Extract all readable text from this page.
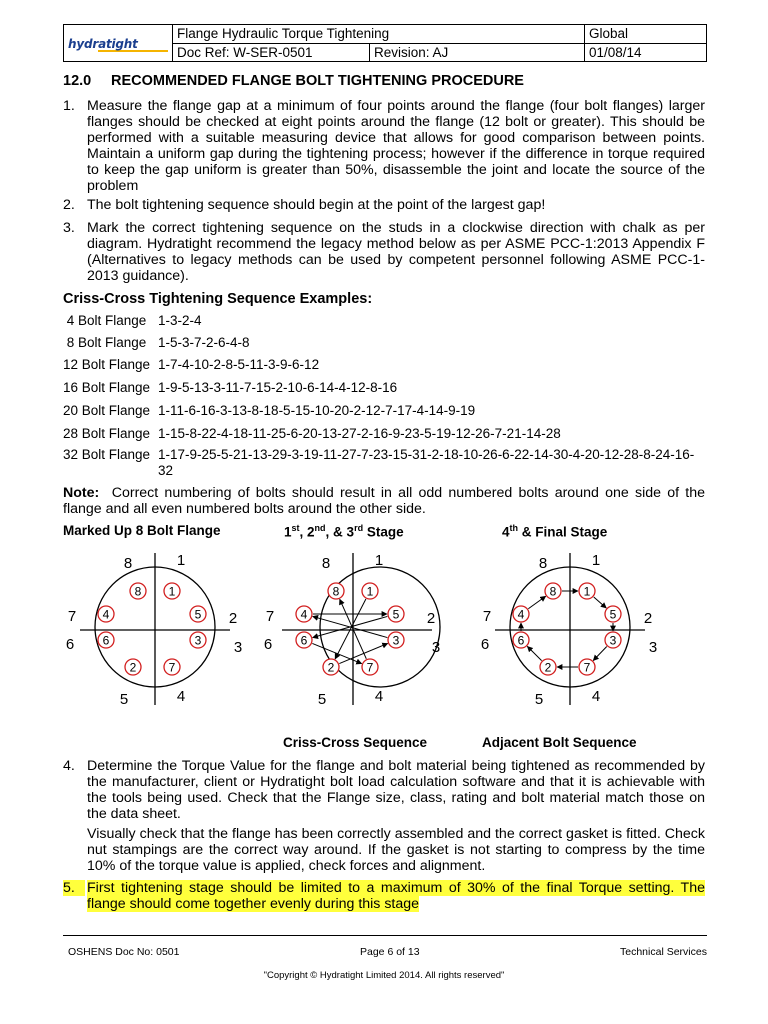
hydratight	Flange Hydraulic Torque Tightening		Global
	Doc Ref: W-SER-0501	Revision: AJ	01/08/14
12.0 RECOMMENDED FLANGE BOLT TIGHTENING PROCEDURE
1. Measure the flange gap at a minimum of four points around the flange (four bolt flanges) larger flanges should be checked at eight points around the flange (12 bolt or greater). This should be performed with a suitable measuring device that allows for good comparison between points. Maintain a uniform gap during the tightening process; however if the difference in torque required to keep the gap uniform is greater than 50%, disassemble the joint and locate the source of the problem
2. The bolt tightening sequence should begin at the point of the largest gap!
3. Mark the correct tightening sequence on the studs in a clockwise direction with chalk as per diagram. Hydratight recommend the legacy method below as per ASME PCC-1:2013 Appendix F (Alternatives to legacy methods can be used by competent personnel following ASME PCC-1-2013 guidance).
Criss-Cross Tightening Sequence Examples:
4 Bolt Flange 1-3-2-4
8 Bolt Flange 1-5-3-7-2-6-4-8
12 Bolt Flange 1-7-4-10-2-8-5-11-3-9-6-12
16 Bolt Flange 1-9-5-13-3-11-7-15-2-10-6-14-4-12-8-16
20 Bolt Flange 1-11-6-16-3-13-8-18-5-15-10-20-2-12-7-17-4-14-9-19
28 Bolt Flange 1-15-8-22-4-18-11-25-6-20-13-27-2-16-9-23-5-19-12-26-7-21-14-28
32 Bolt Flange 1-17-9-25-5-21-13-29-3-19-11-27-7-23-15-31-2-18-10-26-6-22-14-30-4-20-12-28-8-24-16-32
Note: Correct numbering of bolts should result in all odd numbered bolts around one side of the flange and all even numbered bolts around the other side.
Marked Up 8 Bolt Flange	1st, 2nd, & 3rd Stage	4th & Final Stage
8 1
5
3
7
2
6
4
8	1
2
3
4
5
6
7
8 1
5
3
7
2
6
4
8	1
2
3
4
5
6
7
8 1
5
3
7
2
6
4
8	1
2
3
4
5
6
7
Criss-Cross Sequence	Adjacent Bolt Sequence
4. Determine the Torque Value for the flange and bolt material being tightened as recommended by the manufacturer, client or Hydratight bolt load calculation software and that it is achievable with the tools being used. Check that the Flange size, class, rating and bolt material match those on the data sheet.
Visually check that the flange has been correctly assembled and the correct gasket is fitted. Check nut stampings are the correct way around. If the gasket is not starting to compress by the time 10% of the torque value is applied, check forces and alignment.
5. First tightening stage should be limited to a maximum of 30% of the final Torque setting. The flange should come together evenly during this stage
OSHENS Doc No: 0501	Page 6 of 13	Technical Services
"Copyright © Hydratight Limited 2014. All rights reserved"
